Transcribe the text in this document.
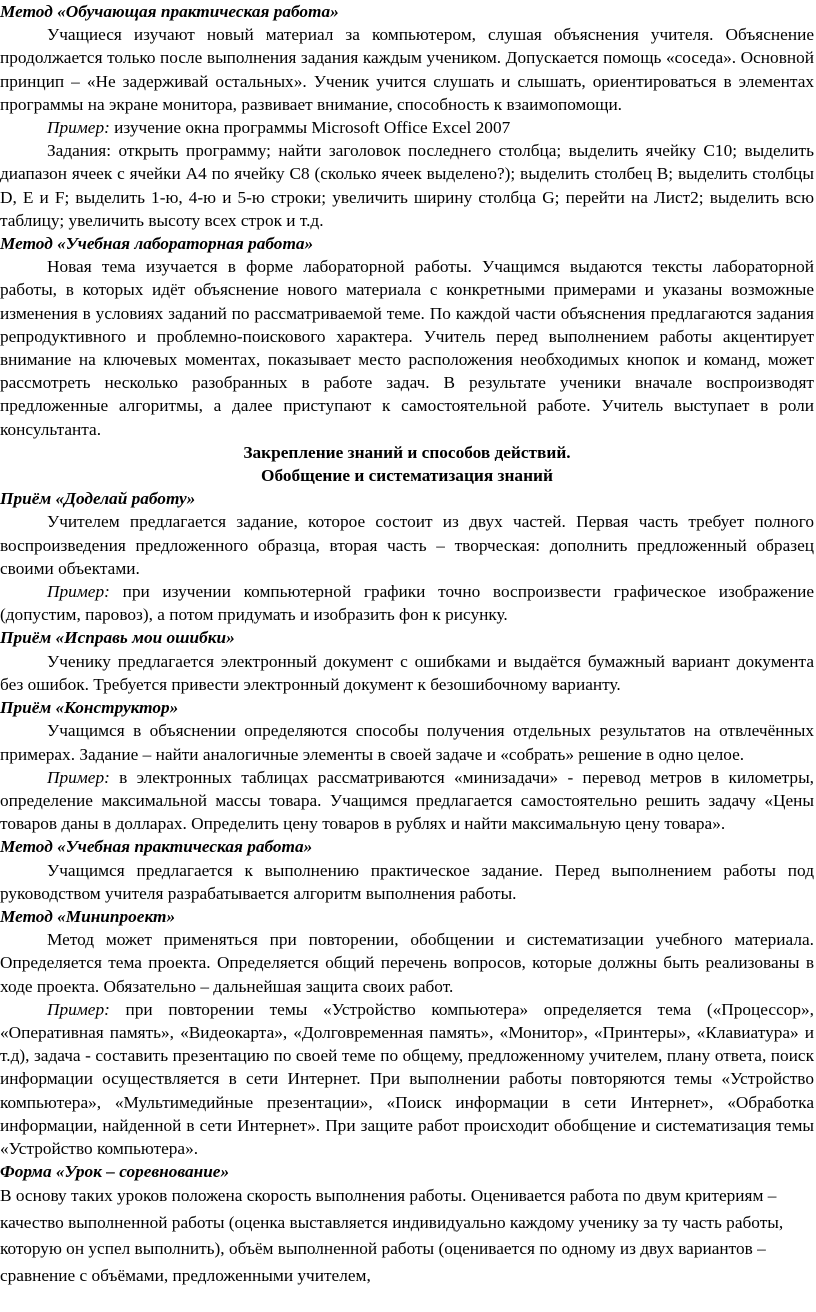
Метод «Обучающая практическая работа»

Учащиеся изучают новый материал за компьютером, слушая объяснения учителя. Объяснение продолжается только после выполнения задания каждым учеником. Допускается помощь «соседа». Основной принцип – «Не задерживай остальных». Ученик учится слушать и слышать, ориентироваться в элементах программы на экране монитора, развивает внимание, способность к взаимопомощи.

Пример: изучение окна программы Microsoft Office Excel 2007

Задания: открыть программу; найти заголовок последнего столбца; выделить ячейку С10; выделить диапазон ячеек с ячейки А4 по ячейку С8 (сколько ячеек выделено?); выделить столбец В; выделить столбцы D, E и F; выделить 1-ю, 4-ю и 5-ю строки; увеличить ширину столбца G; перейти на Лист2; выделить всю таблицу; увеличить высоту всех строк и т.д.

Метод «Учебная лабораторная работа»

Новая тема изучается в форме лабораторной работы. Учащимся выдаются тексты лабораторной работы, в которых идёт объяснение нового материала с конкретными примерами и указаны возможные изменения в условиях заданий по рассматриваемой теме. По каждой части объяснения предлагаются задания репродуктивного и проблемно-поискового характера. Учитель перед выполнением работы акцентирует внимание на ключевых моментах, показывает место расположения необходимых кнопок и команд, может рассмотреть несколько разобранных в работе задач. В результате ученики вначале воспроизводят предложенные алгоритмы, а далее приступают к самостоятельной работе. Учитель выступает в роли консультанта.

Закрепление знаний и способов действий.

Обобщение и систематизация знаний

Приём «Доделай работу»

Учителем предлагается задание, которое состоит из двух частей. Первая часть требует полного воспроизведения предложенного образца, вторая часть – творческая: дополнить предложенный образец своими объектами.

Пример: при изучении компьютерной графики точно воспроизвести графическое изображение (допустим, паровоз), а потом придумать и изобразить фон к рисунку.

Приём «Исправь мои ошибки»

Ученику предлагается электронный документ с ошибками и выдаётся бумажный вариант документа без ошибок. Требуется привести электронный документ к безошибочному варианту.

Приём «Конструктор»

Учащимся в объяснении определяются способы получения отдельных результатов на отвлечённых примерах. Задание – найти аналогичные элементы в своей задаче и «собрать» решение в одно целое.

Пример: в электронных таблицах рассматриваются «минизадачи» - перевод метров в километры, определение максимальной массы товара. Учащимся предлагается самостоятельно решить задачу «Цены товаров даны в долларах. Определить цену товаров в рублях и найти максимальную цену товара».

Метод «Учебная практическая работа»

Учащимся предлагается к выполнению практическое задание. Перед выполнением работы под руководством учителя разрабатывается алгоритм выполнения работы.

Метод «Минипроект»

Метод может применяться при повторении, обобщении и систематизации учебного материала. Определяется тема проекта. Определяется общий перечень вопросов, которые должны быть реализованы в ходе проекта. Обязательно – дальнейшая защита своих работ.

Пример: при повторении темы «Устройство компьютера» определяется тема («Процессор», «Оперативная память», «Видеокарта», «Долговременная память», «Монитор», «Принтеры», «Клавиатура» и т.д), задача - составить презентацию по своей теме по общему, предложенному учителем, плану ответа, поиск информации осуществляется в сети Интернет. При выполнении работы повторяются темы «Устройство компьютера», «Мультимедийные презентации», «Поиск информации в сети Интернет», «Обработка информации, найденной в сети Интернет». При защите работ происходит обобщение и систематизация темы «Устройство компьютера».

Форма «Урок – соревнование»

В основу таких уроков положена скорость выполнения работы. Оценивается работа по двум критериям – качество выполненной работы (оценка выставляется индивидуально каждому ученику за ту часть работы, которую он успел выполнить), объём выполненной работы (оценивается по одному из двух вариантов – сравнение с объёмами, предложенными учителем,
